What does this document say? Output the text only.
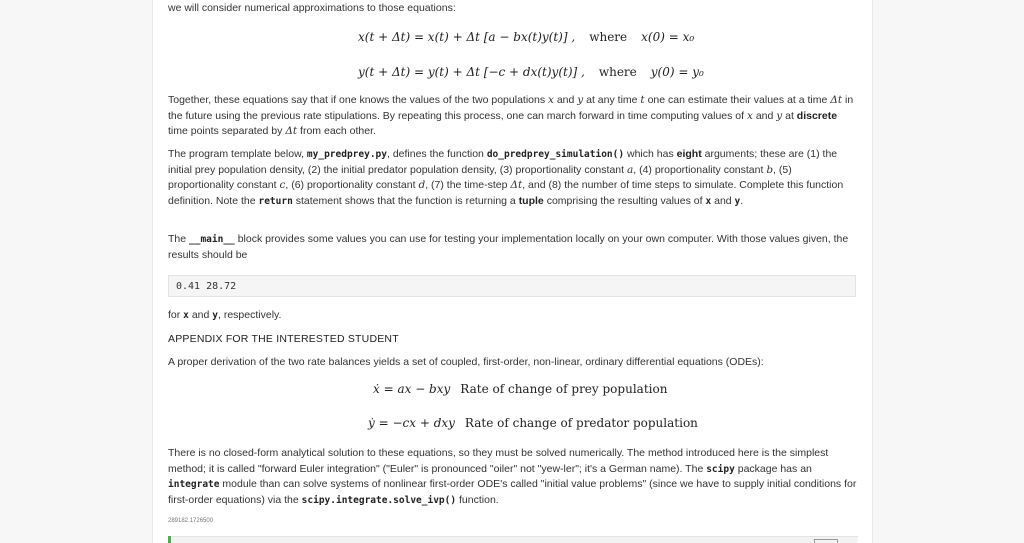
we will consider numerical approximations to those equations:

x(t + Δt) = x(t) + Δt [a − bx(t)y(t)] , where x(0) = x₀
y(t + Δt) = y(t) + Δt [−c + dx(t)y(t)] , where y(0) = y₀

Together, these equations say that if one knows the values of the two populations x and y at any time t one can estimate their values at a time Δt in the future using the previous rate stipulations. By repeating this process, one can march forward in time computing values of x and y at discrete time points separated by Δt from each other.

The program template below, my_predprey.py, defines the function do_predprey_simulation() which has eight arguments; these are (1) the initial prey population density, (2) the initial predator population density, (3) proportionality constant a, (4) proportionality constant b, (5) proportionality constant c, (6) proportionality constant d, (7) the time-step Δt, and (8) the number of time steps to simulate. Complete this function definition. Note the return statement shows that the function is returning a tuple comprising the resulting values of x and y.

The __main__ block provides some values you can use for testing your implementation locally on your own computer. With those values given, the results should be

0.41 28.72

for x and y, respectively.

APPENDIX FOR THE INTERESTED STUDENT

A proper derivation of the two rate balances yields a set of coupled, first-order, non-linear, ordinary differential equations (ODEs):

ẋ = ax − bxy Rate of change of prey population
ẏ = −cx + dxy Rate of change of predator population

There is no closed-form analytical solution to these equations, so they must be solved numerically. The method introduced here is the simplest method; it is called "forward Euler integration" ("Euler" is pronounced "oiler" not "yew-ler"; it's a German name). The scipy package has an integrate module than can solve systems of nonlinear first-order ODE's called "initial value problems" (since we have to supply initial conditions for first-order equations) via the scipy.integrate.solve_ivp() function.

289182.1726500
